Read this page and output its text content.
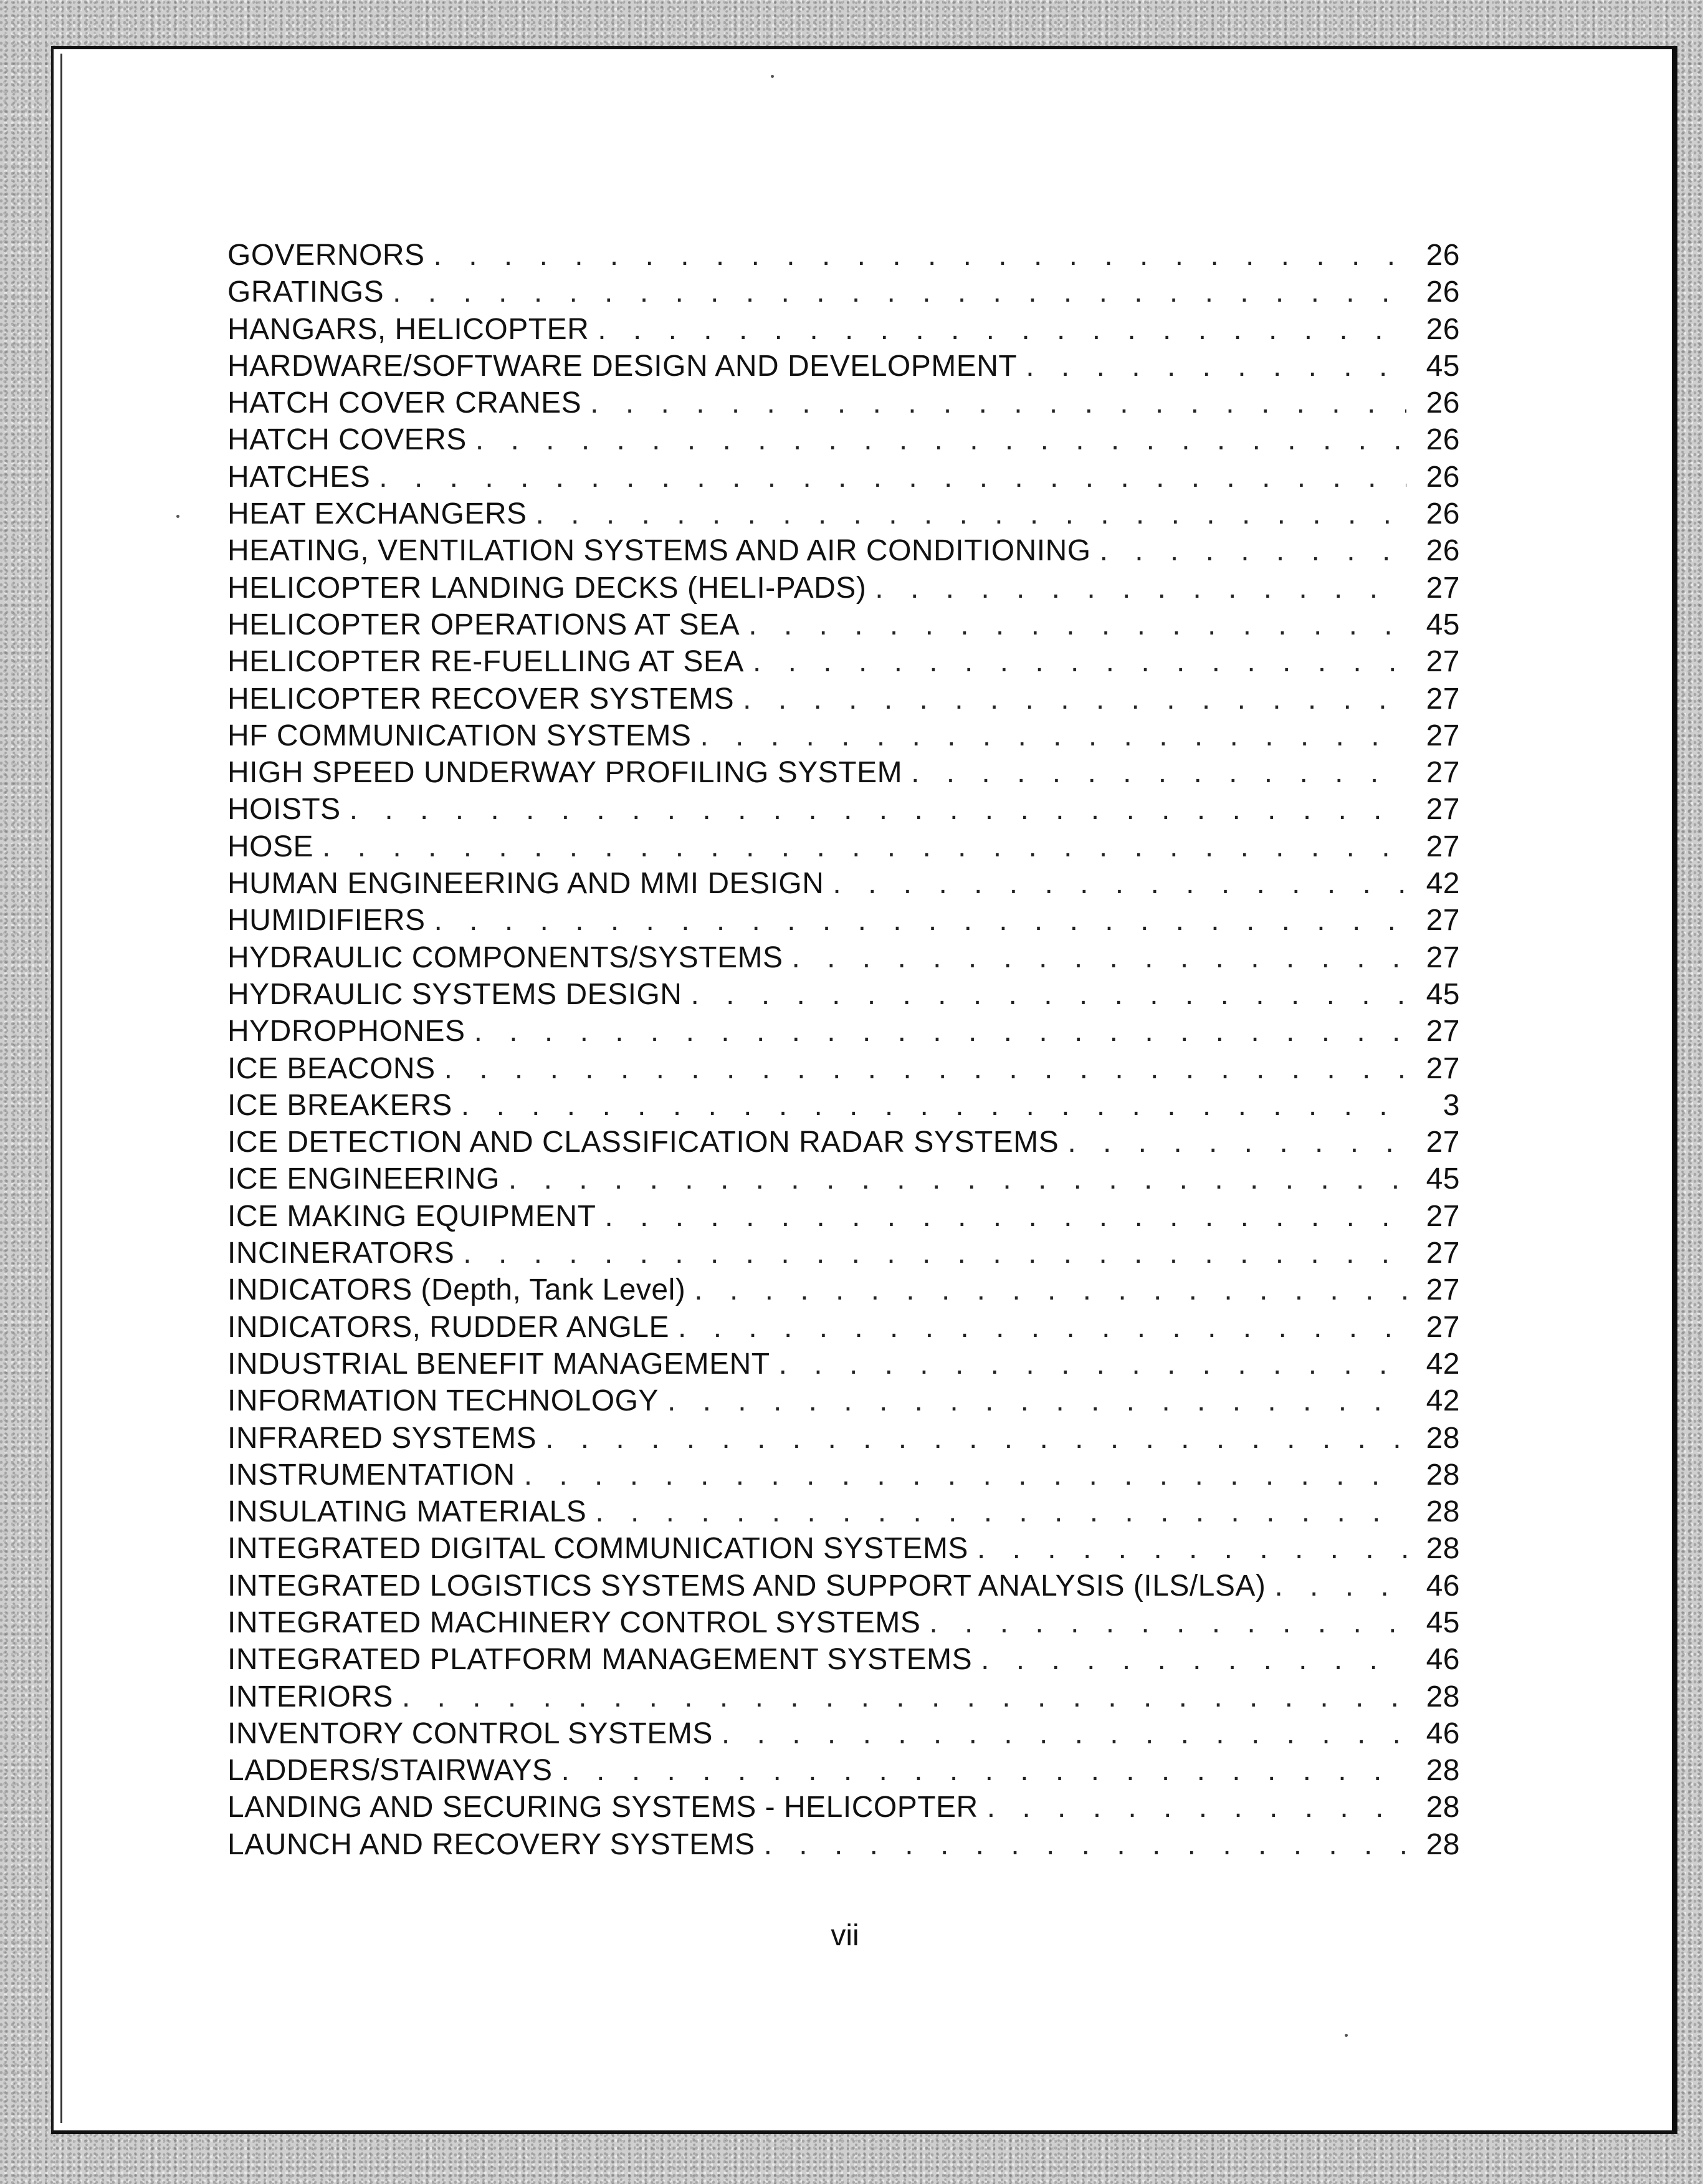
GOVERNORS . . .	26
GRATINGS . . .	26
HANGARS, HELICOPTER . . .	26
HARDWARE/SOFTWARE DESIGN AND DEVELOPMENT . . .	45
HATCH COVER CRANES . . .	26
HATCH COVERS . . .	26
HATCHES . . .	26
HEAT EXCHANGERS . . .	26
HEATING, VENTILATION SYSTEMS AND AIR CONDITIONING . . .	26
HELICOPTER LANDING DECKS (HELI-PADS) . . .	27
HELICOPTER OPERATIONS AT SEA . . .	45
HELICOPTER RE-FUELLING AT SEA . . .	27
HELICOPTER RECOVER SYSTEMS . . .	27
HF COMMUNICATION SYSTEMS . . .	27
HIGH SPEED UNDERWAY PROFILING SYSTEM . . .	27
HOISTS . . .	27
HOSE . . .	27
HUMAN ENGINEERING AND MMI DESIGN . . .	42
HUMIDIFIERS . . .	27
HYDRAULIC COMPONENTS/SYSTEMS . . .	27
HYDRAULIC SYSTEMS DESIGN . . .	45
HYDROPHONES . . .	27
ICE BEACONS . . .	27
ICE BREAKERS . . .	3
ICE DETECTION AND CLASSIFICATION RADAR SYSTEMS . . .	27
ICE ENGINEERING . . .	45
ICE MAKING EQUIPMENT . . .	27
INCINERATORS . . .	27
INDICATORS (Depth, Tank Level) . . .	27
INDICATORS, RUDDER ANGLE . . .	27
INDUSTRIAL BENEFIT MANAGEMENT . . .	42
INFORMATION TECHNOLOGY . . .	42
INFRARED SYSTEMS . . .	28
INSTRUMENTATION . . .	28
INSULATING MATERIALS . . .	28
INTEGRATED DIGITAL COMMUNICATION SYSTEMS . . .	28
INTEGRATED LOGISTICS SYSTEMS AND SUPPORT ANALYSIS (ILS/LSA) . . .	46
INTEGRATED MACHINERY CONTROL SYSTEMS . . .	45
INTEGRATED PLATFORM MANAGEMENT SYSTEMS . . .	46
INTERIORS . . .	28
INVENTORY CONTROL SYSTEMS . . .	46
LADDERS/STAIRWAYS . . .	28
LANDING AND SECURING SYSTEMS - HELICOPTER . . .	28
LAUNCH AND RECOVERY SYSTEMS . . .	28
vii
